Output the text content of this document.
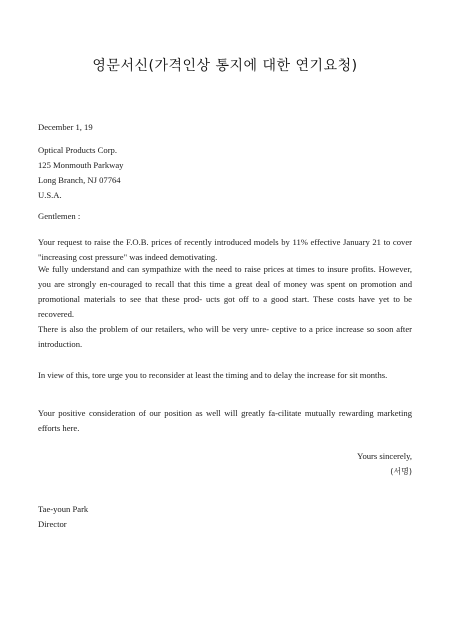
영문서신(가격인상 통지에 대한 연기요청)
December 1, 19
Optical Products Corp.
125 Monmouth Parkway
Long Branch, NJ 07764
U.S.A.
Gentlemen :
Your request to raise the F.O.B. prices of recently introduced models by 11% effective January 21 to cover "increasing cost pressure" was indeed demotivating.
We fully understand and can sympathize with the need to raise prices at times to insure profits. However, you are strongly en-couraged to recall that this time a great deal of money was spent on promotion and promotional materials to see that these prod- ucts got off to a good start. These costs have yet to be recovered.
There is also the problem of our retailers, who will be very unre- ceptive to a price increase so soon after introduction.
In view of this, tore urge you to reconsider at least the timing and to delay the increase for sit months.
Your positive consideration of our position as well will greatly fa-cilitate mutually rewarding marketing efforts here.
Yours sincerely,
(서명)
Tae-youn Park
Director
